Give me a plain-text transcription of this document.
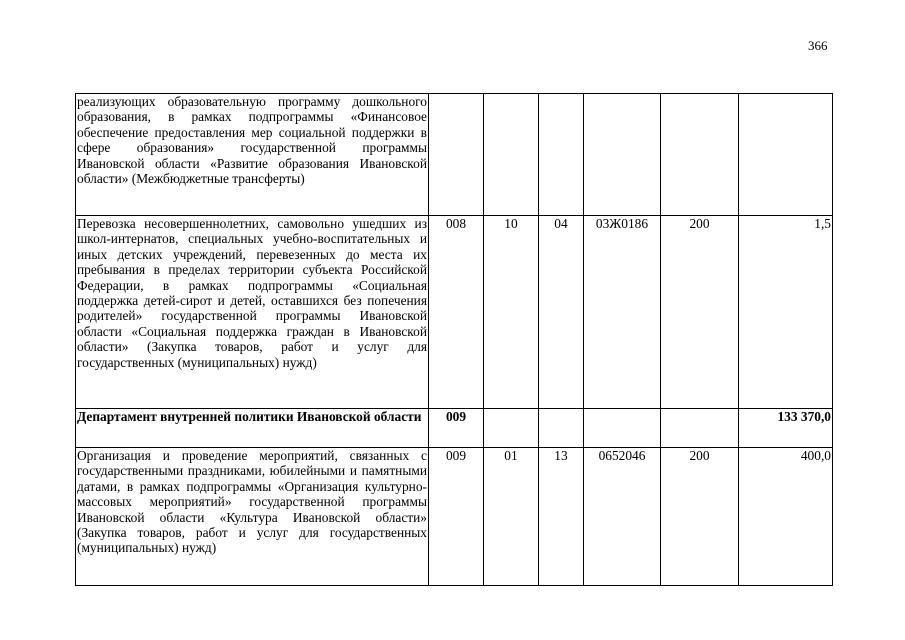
366
реализующих образовательную программу дошкольного образования, в рамках подпрограммы «Финансовое обеспечение предоставления мер социальной поддержки в сфере образования» государственной программы Ивановской области «Развитие образования Ивановской области» (Межбюджетные трансферты)						
Перевозка несовершеннолетних, самовольно ушедших из школ-интернатов, специальных учебно-воспитательных и иных детских учреждений, перевезенных до места их пребывания в пределах территории субъекта Российской Федерации, в рамках подпрограммы «Социальная поддержка детей-сирот и детей, оставшихся без попечения родителей» государственной программы Ивановской области «Социальная поддержка граждан в Ивановской области» (Закупка товаров, работ и услуг для государственных (муниципальных) нужд)	008	10	04	03Ж0186	200	1,5
Департамент внутренней политики Ивановской области	009					133 370,0
Организация и проведение мероприятий, связанных с государственными праздниками, юбилейными и памятными датами, в рамках подпрограммы «Организация культурно-массовых мероприятий» государственной программы Ивановской области «Культура Ивановской области» (Закупка товаров, работ и услуг для государственных (муниципальных) нужд)	009	01	13	0652046	200	400,0
